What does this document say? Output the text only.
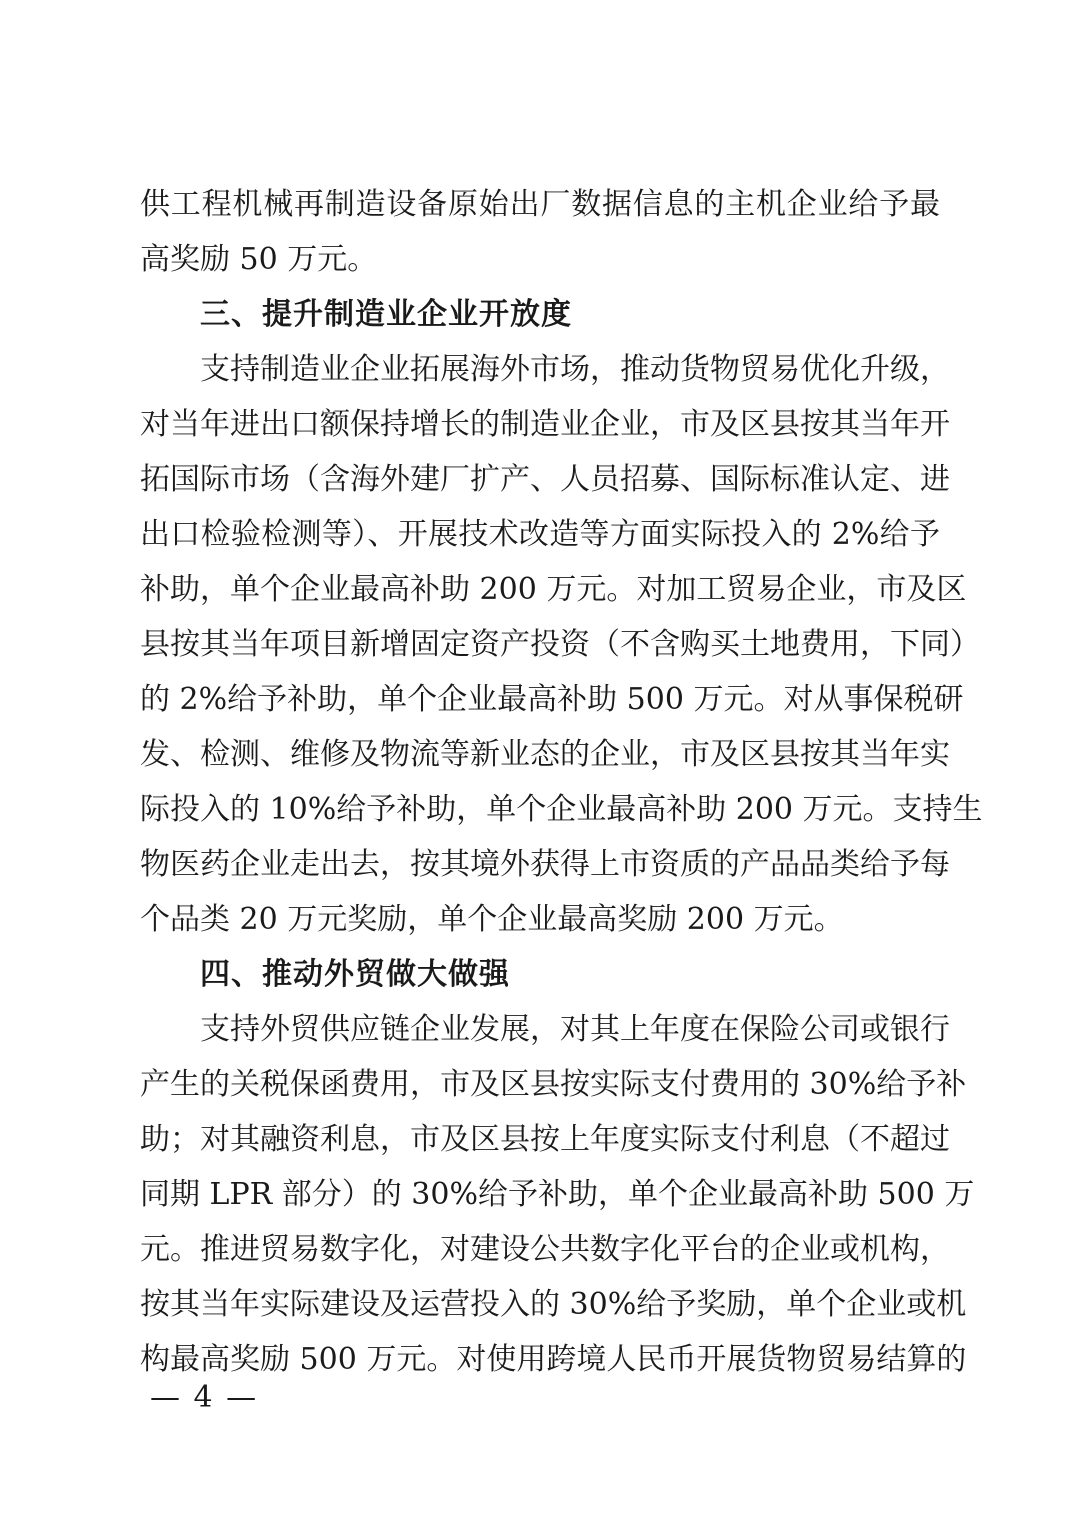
供工程机械再制造设备原始出厂数据信息的主机企业给予最
高奖励 50 万元。
三、提升制造业企业开放度
支持制造业企业拓展海外市场，推动货物贸易优化升级，
对当年进出口额保持增长的制造业企业，市及区县按其当年开
拓国际市场（含海外建厂扩产、人员招募、国际标准认定、进
出口检验检测等）、开展技术改造等方面实际投入的 2%给予
补助，单个企业最高补助 200 万元。对加工贸易企业，市及区
县按其当年项目新增固定资产投资（不含购买土地费用，下同）
的 2%给予补助，单个企业最高补助 500 万元。对从事保税研
发、检测、维修及物流等新业态的企业，市及区县按其当年实
际投入的 10%给予补助，单个企业最高补助 200 万元。支持生
物医药企业走出去，按其境外获得上市资质的产品品类给予每
个品类 20 万元奖励，单个企业最高奖励 200 万元。
四、推动外贸做大做强
支持外贸供应链企业发展，对其上年度在保险公司或银行
产生的关税保函费用，市及区县按实际支付费用的 30%给予补
助；对其融资利息，市及区县按上年度实际支付利息（不超过
同期 LPR 部分）的 30%给予补助，单个企业最高补助 500 万
元。推进贸易数字化，对建设公共数字化平台的企业或机构，
按其当年实际建设及运营投入的 30%给予奖励，单个企业或机
构最高奖励 500 万元。对使用跨境人民币开展货物贸易结算的
— 4 —
